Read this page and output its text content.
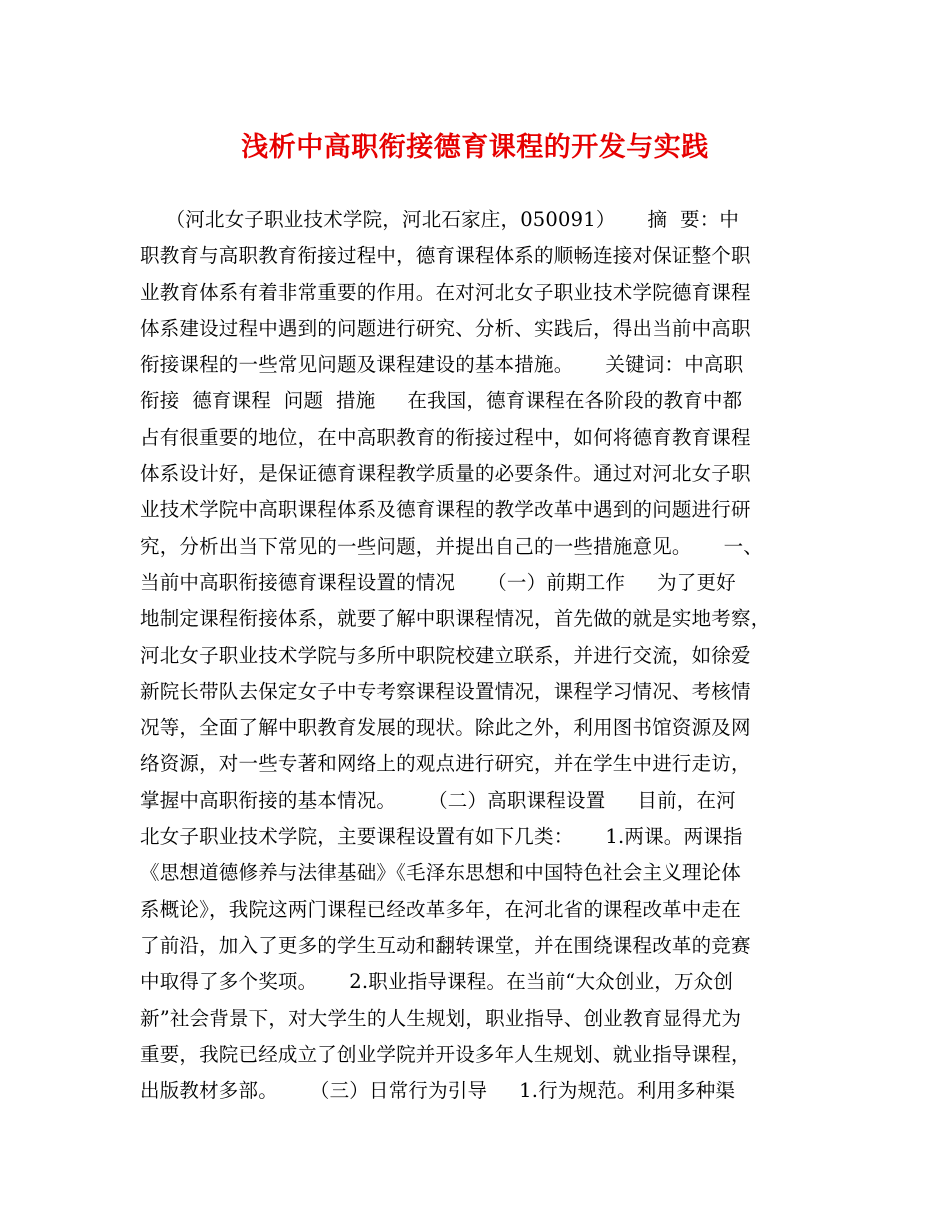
浅析中高职衔接德育课程的开发与实践
（河北女子职业技术学院，河北石家庄，050091）     摘  要：中
职教育与高职教育衔接过程中，德育课程体系的顺畅连接对保证整个职
业教育体系有着非常重要的作用。在对河北女子职业技术学院德育课程
体系建设过程中遇到的问题进行研究、分析、实践后，得出当前中高职
衔接课程的一些常见问题及课程建设的基本措施。     关键词：中高职
衔接  德育课程  问题  措施     在我国，德育课程在各阶段的教育中都
占有很重要的地位，在中高职教育的衔接过程中，如何将德育教育课程
体系设计好，是保证德育课程教学质量的必要条件。通过对河北女子职
业技术学院中高职课程体系及德育课程的教学改革中遇到的问题进行研
究，分析出当下常见的一些问题，并提出自己的一些措施意见。     一、
当前中高职衔接德育课程设置的情况     （一）前期工作     为了更好
地制定课程衔接体系，就要了解中职课程情况，首先做的就是实地考察，
河北女子职业技术学院与多所中职院校建立联系，并进行交流，如徐爱
新院长带队去保定女子中专考察课程设置情况，课程学习情况、考核情
况等，全面了解中职教育发展的现状。除此之外，利用图书馆资源及网
络资源，对一些专著和网络上的观点进行研究，并在学生中进行走访，
掌握中高职衔接的基本情况。     （二）高职课程设置     目前，在河
北女子职业技术学院，主要课程设置有如下几类：     1.两课。两课指
《思想道德修养与法律基础》《毛泽东思想和中国特色社会主义理论体
系概论》，我院这两门课程已经改革多年，在河北省的课程改革中走在
了前沿，加入了更多的学生互动和翻转课堂，并在围绕课程改革的竞赛
中取得了多个奖项。     2.职业指导课程。在当前“大众创业，万众创
新”社会背景下，对大学生的人生规划，职业指导、创业教育显得尤为
重要，我院已经成立了创业学院并开设多年人生规划、就业指导课程，
出版教材多部。     （三）日常行为引导     1.行为规范。利用多种渠
